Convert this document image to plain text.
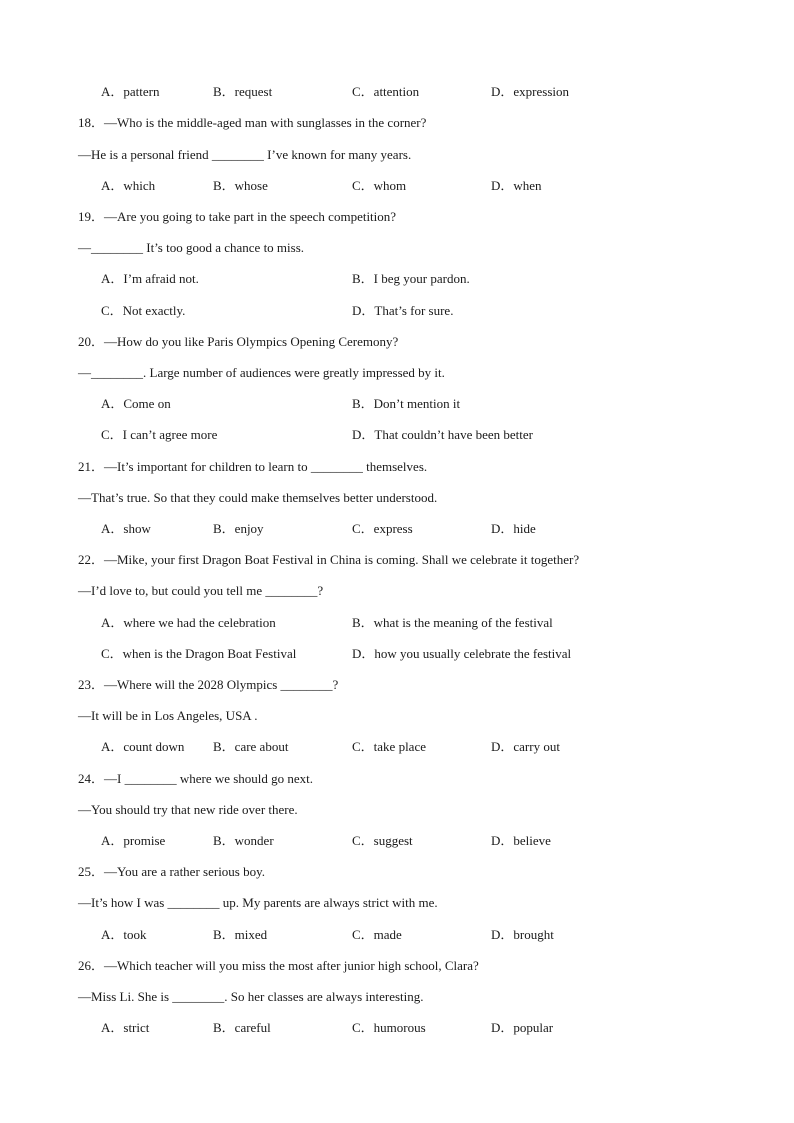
A．pattern	B．request	C．attention	D．expression
18．—Who is the middle-aged man with sunglasses in the corner?
—He is a personal friend ________ I’ve known for many years.
A．which	B．whose	C．whom	D．when
19．—Are you going to take part in the speech competition?
—________ It’s too good a chance to miss.
A．I’m afraid not.	B．I beg your pardon.
C．Not exactly.	D．That’s for sure.
20．—How do you like Paris Olympics Opening Ceremony?
—________. Large number of audiences were greatly impressed by it.
A．Come on	B．Don’t mention it
C．I can’t agree more	D．That couldn’t have been better
21．—It’s important for children to learn to ________ themselves.
—That’s true. So that they could make themselves better understood.
A．show	B．enjoy	C．express	D．hide
22．—Mike, your first Dragon Boat Festival in China is coming. Shall we celebrate it together?
—I’d love to, but could you tell me ________?
A．where we had the celebration	B．what is the meaning of the festival
C．when is the Dragon Boat Festival	D．how you usually celebrate the festival
23．—Where will the 2028 Olympics ________?
—It will be in Los Angeles, USA .
A．count down B．care about	C．take place	D．carry out
24．—I ________ where we should go next.
—You should try that new ride over there.
A．promise	B．wonder	C．suggest	D．believe
25．—You are a rather serious boy.
—It’s how I was ________ up. My parents are always strict with me.
A．took	B．mixed	C．made	D．brought
26．—Which teacher will you miss the most after junior high school, Clara?
—Miss Li. She is ________. So her classes are always interesting.
A．strict	B．careful	C．humorous	D．popular
